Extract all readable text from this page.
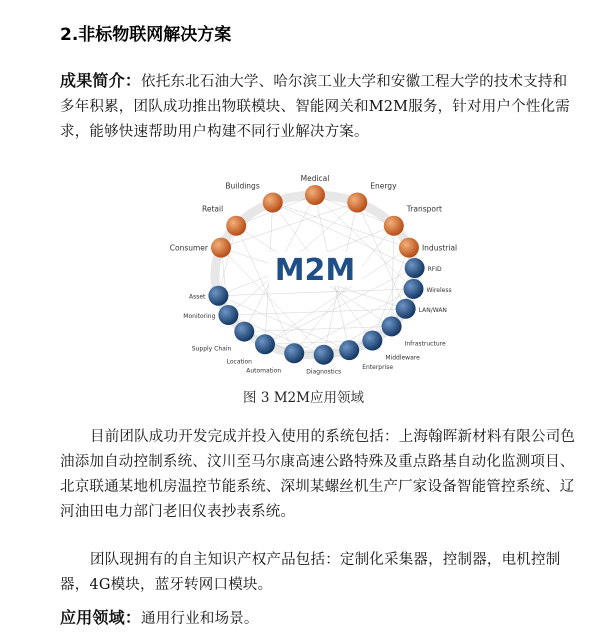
2.非标物联网解决方案

成果简介：依托东北石油大学、哈尔滨工业大学和安徽工程大学的技术支持和多年积累，团队成功推出物联模块、智能网关和M2M服务，针对用户个性化需求，能够快速帮助用户构建不同行业解决方案。

M2M
Consumer
Retail
Buildings
Medical
Energy
Transport
Industrial
Asset
Monitoring
Supply Chain
Location
Automation	Diagnostics
Enterprise
Middleware
Infrastructure
LAN/WAN
Wireless
RFID
图 3 M2M应用领域

目前团队成功开发完成并投入使用的系统包括：上海翰晖新材料有限公司色油添加自动控制系统、汶川至马尔康高速公路特殊及重点路基自动化监测项目、北京联通某地机房温控节能系统、深圳某螺丝机生产厂家设备智能管控系统、辽河油田电力部门老旧仪表抄表系统。

团队现拥有的自主知识产权产品包括：定制化采集器，控制器，电机控制器，4G模块，蓝牙转网口模块。

应用领域：通用行业和场景。
